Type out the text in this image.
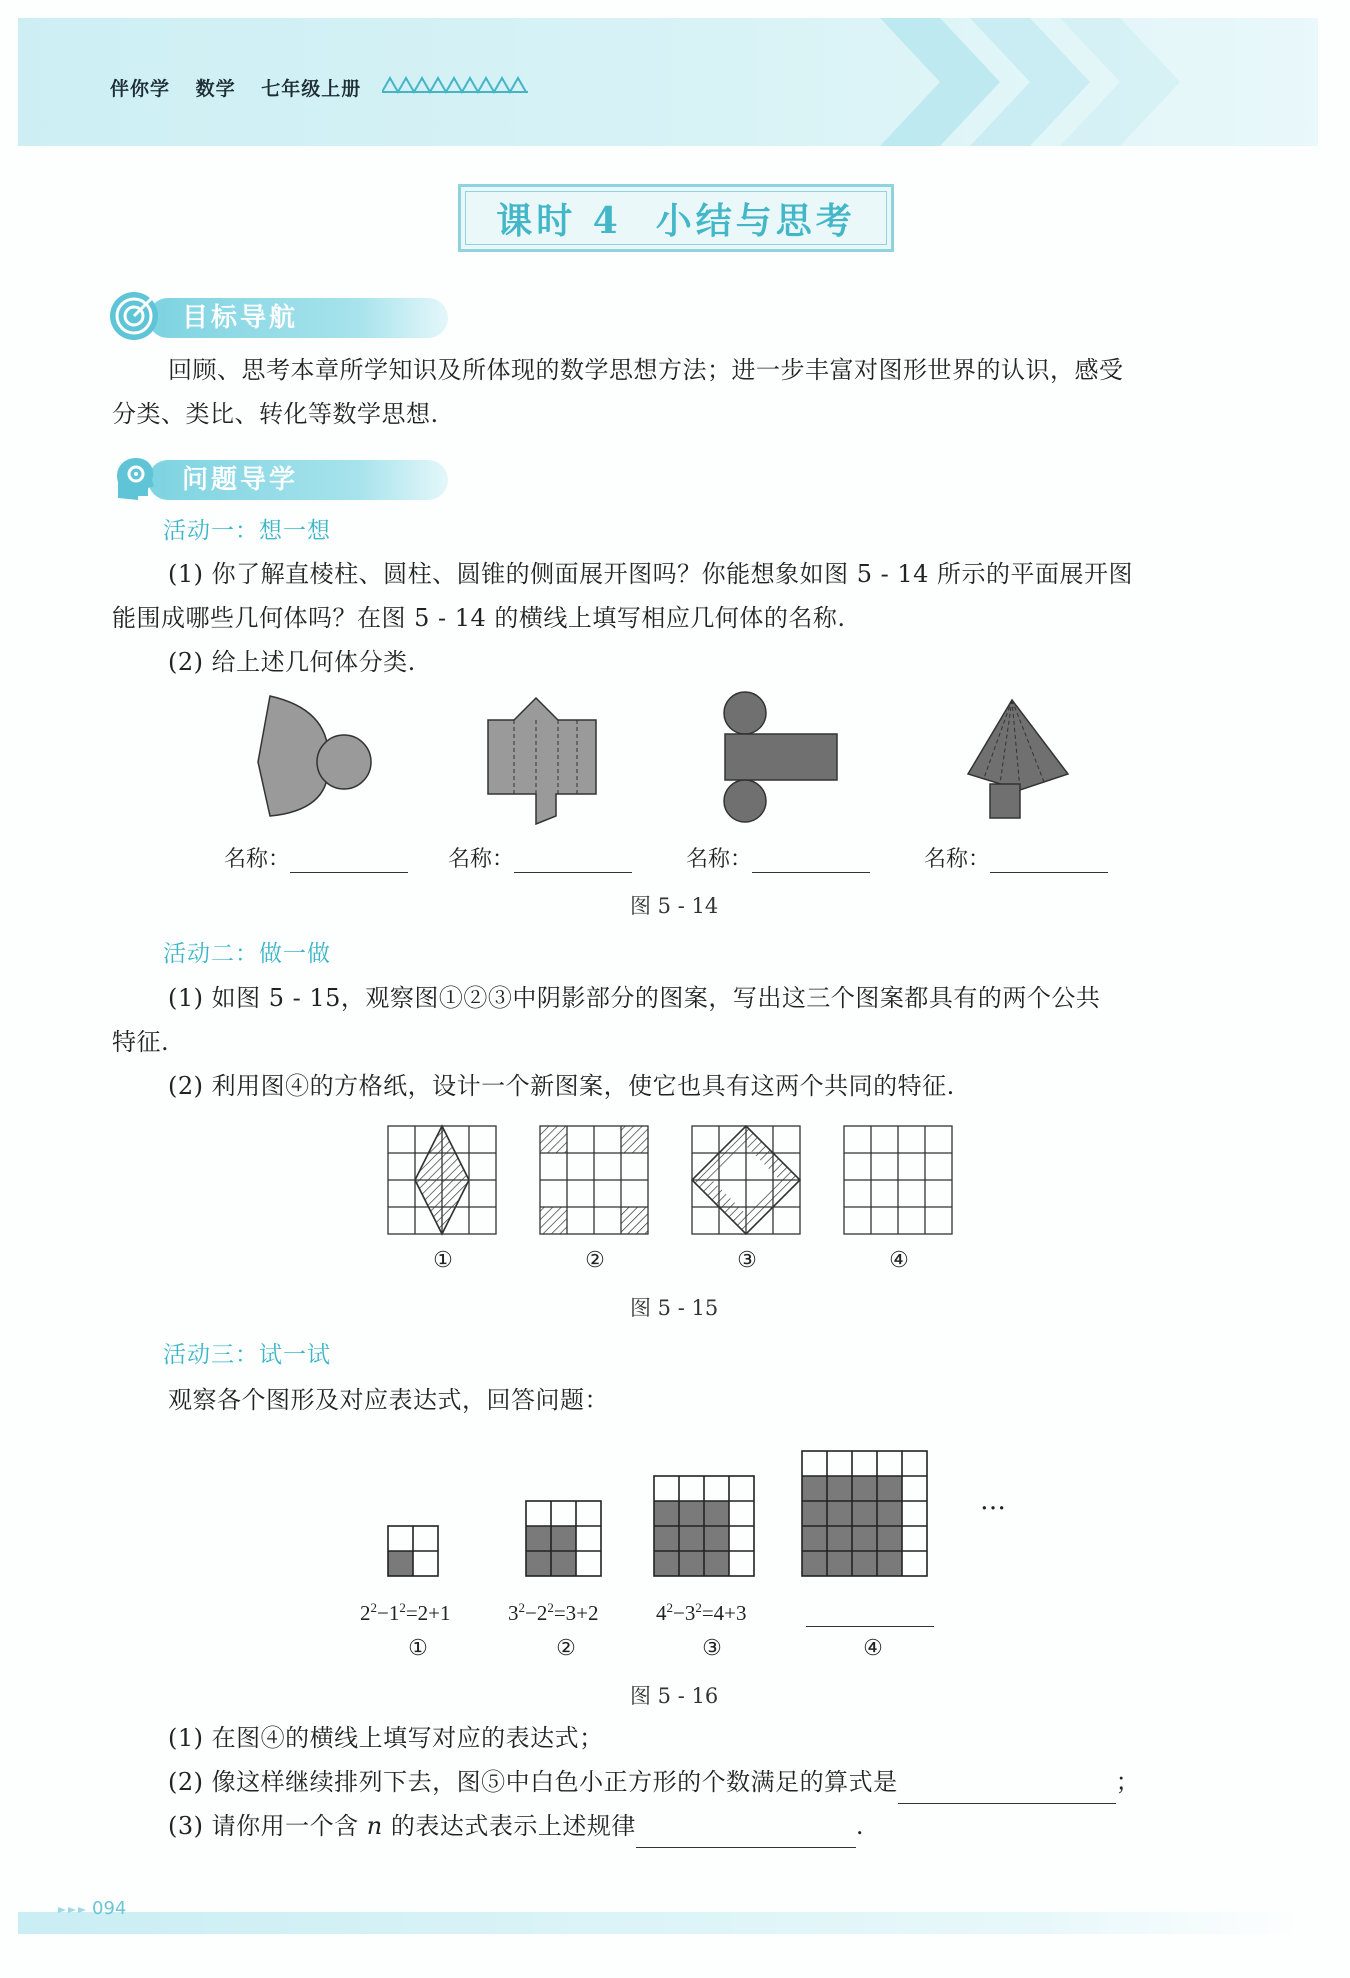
伴你学 数学 七年级上册
课时 4 小结与思考
目标导航
回顾、思考本章所学知识及所体现的数学思想方法；进一步丰富对图形世界的认识，感受
分类、类比、转化等数学思想.
问题导学
活动一：想一想
(1) 你了解直棱柱、圆柱、圆锥的侧面展开图吗？你能想象如图 5 - 14 所示的平面展开图
能围成哪些几何体吗？在图 5 - 14 的横线上填写相应几何体的名称.
(2) 给上述几何体分类.
名称：	名称：	名称：	名称：
图 5 - 14
活动二：做一做
(1) 如图 5 - 15，观察图①②③中阴影部分的图案，写出这三个图案都具有的两个公共
特征.
(2) 利用图④的方格纸，设计一个新图案，使它也具有这两个共同的特征.
①	②	③	④
图 5 - 15
活动三：试一试
观察各个图形及对应表达式，回答问题：
…
$2^2-1^2=2+1$	$3^2-2^2=3+2$	$4^2-3^2=4+3$
①	②	③	④
图 5 - 16
(1) 在图④的横线上填写对应的表达式；
(2) 像这样继续排列下去，图⑤中白色小正方形的个数满足的算式是	；
(3) 请你用一个含 n 的表达式表示上述规律	.
094
